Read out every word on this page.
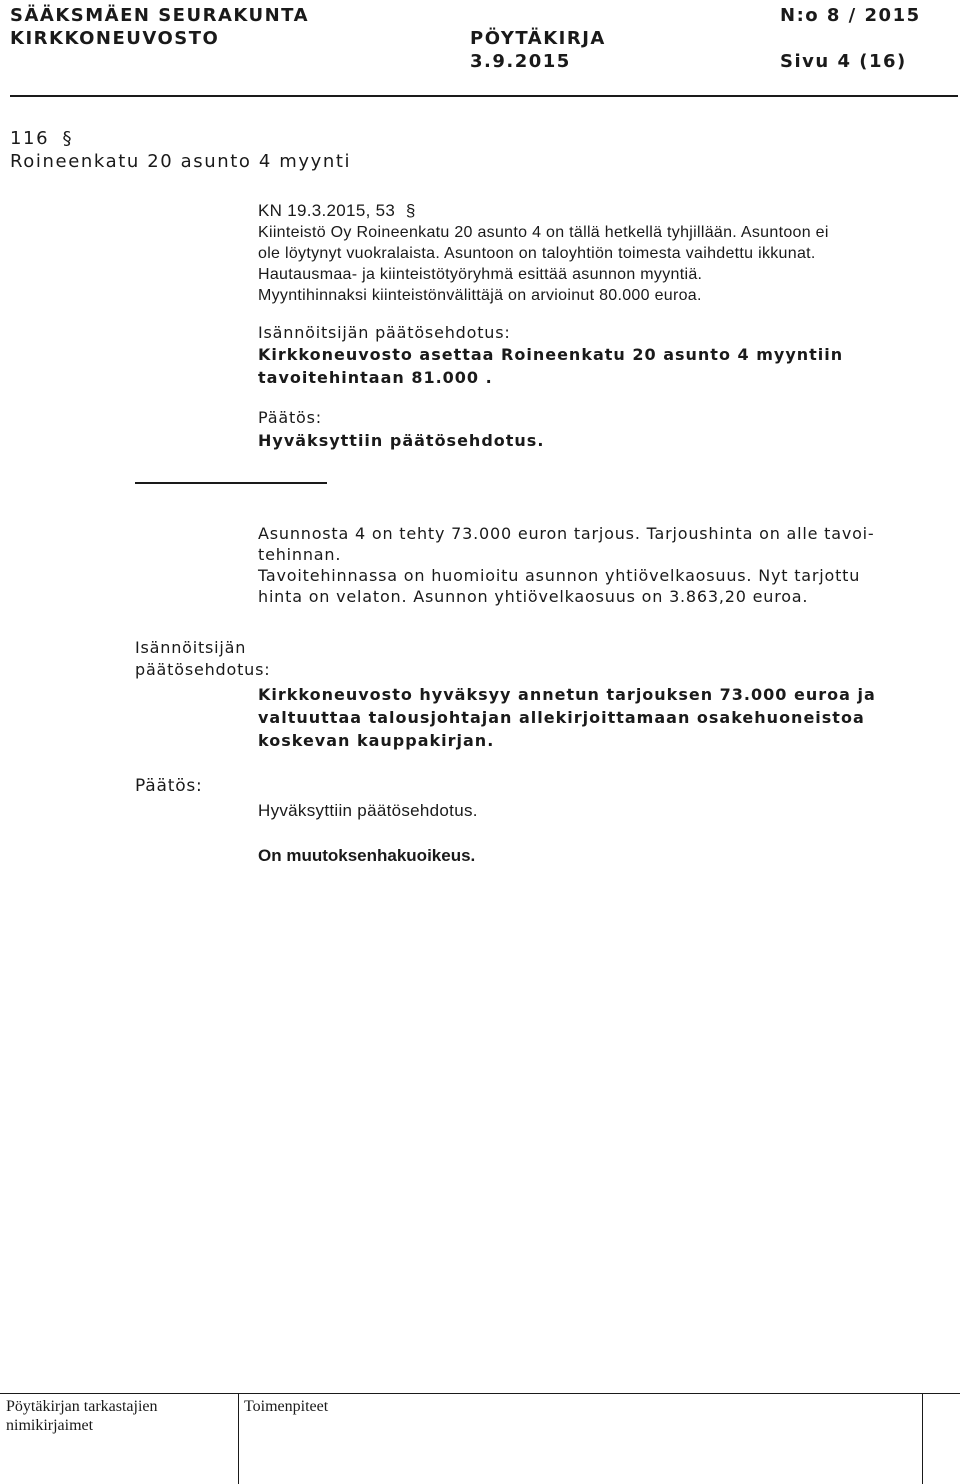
SÄÄKSMÄEN SEURAKUNTA	N:o 8 / 2015
KIRKKONEUVOSTO	PÖYTÄKIRJA
3.9.2015	Sivu 4 (16)
116 §
Roineenkatu 20 asunto 4 myynti
KN 19.3.2015, 53 §
Kiinteistö Oy Roineenkatu 20 asunto 4 on tällä hetkellä tyhjillään. Asuntoon ei
ole löytynyt vuokralaista. Asuntoon on taloyhtiön toimesta vaihdettu ikkunat.
Hautausmaa- ja kiinteistötyöryhmä esittää asunnon myyntiä.
Myyntihinnaksi kiinteistönvälittäjä on arvioinut 80.000 euroa.
Isännöitsijän päätösehdotus:
Kirkkoneuvosto asettaa Roineenkatu 20 asunto 4 myyntiin
tavoitehintaan 81.000 .
Päätös:
Hyväksyttiin päätösehdotus.
Asunnosta 4 on tehty 73.000 euron tarjous. Tarjoushinta on alle tavoi-
tehinnan.
Tavoitehinnassa on huomioitu asunnon yhtiövelkaosuus. Nyt tarjottu
hinta on velaton. Asunnon yhtiövelkaosuus on 3.863,20 euroa.
Isännöitsijän
päätösehdotus:
Kirkkoneuvosto hyväksyy annetun tarjouksen 73.000 euroa ja
valtuuttaa talousjohtajan allekirjoittamaan osakehuoneistoa
koskevan kauppakirjan.
Päätös:
Hyväksyttiin päätösehdotus.
On muutoksenhakuoikeus.
Pöytäkirjan tarkastajien
nimikirjaimet
Toimenpiteet
